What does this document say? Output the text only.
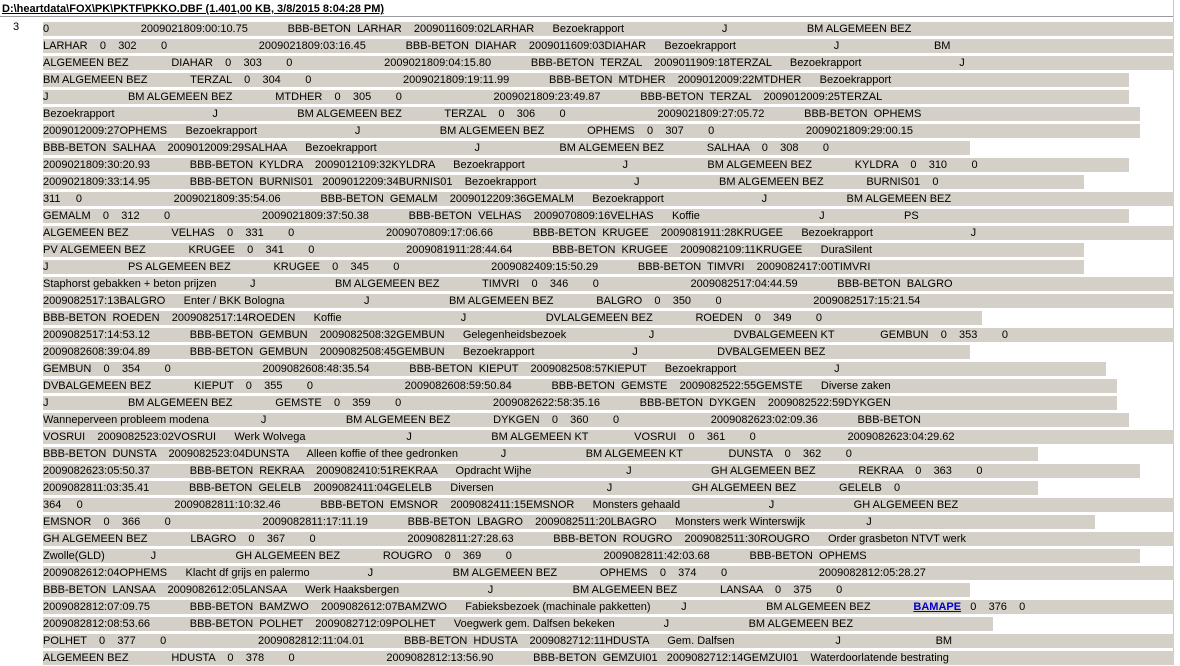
D:\heartdata\FOX\PK\PKTF\PKKO.DBF (1.401,00 KB, 3/8/2015 8:04:28 PM)
3 0                              2009021809:00:10.75             BBB-BETON  LARHAR    2009011609:02LARHAR      Bezoekrapport                                J                          BM ALGEMEEN BEZ
LARHAR    0    302        0                              2009021809:03:16.45             BBB-BETON  DIAHAR    2009011609:03DIAHAR      Bezoekrapport                                J                               BM
ALGEMEEN BEZ              DIAHAR    0    303        0                              2009021809:04:15.80             BBB-BETON  TERZAL    2009011909:18TERZAL      Bezoekrapport                                J
BM ALGEMEEN BEZ              TERZAL    0    304        0                              2009021809:19:11.99             BBB-BETON  MTDHER    2009012009:22MTDHER      Bezoekrapport
J                          BM ALGEMEEN BEZ              MTDHER    0    305        0                              2009021809:23:49.87             BBB-BETON  TERZAL    2009012009:25TERZAL
Bezoekrapport                                J                          BM ALGEMEEN BEZ              TERZAL    0    306        0                              2009021809:27:05.72             BBB-BETON  OPHEMS
2009012009:27OPHEMS      Bezoekrapport                                J                          BM ALGEMEEN BEZ              OPHEMS    0    307        0                              2009021809:29:00.15
BBB-BETON  SALHAA    2009012009:29SALHAA      Bezoekrapport                                J                          BM ALGEMEEN BEZ              SALHAA    0    308        0
2009021809:30:20.93             BBB-BETON  KYLDRA    2009012109:32KYLDRA      Bezoekrapport                                J                          BM ALGEMEEN BEZ              KYLDRA    0    310        0
2009021809:33:14.95             BBB-BETON  BURNIS01   2009012209:34BURNIS01    Bezoekrapport                                J                          BM ALGEMEEN BEZ              BURNIS01    0
311     0                              2009021809:35:54.06             BBB-BETON  GEMALM    2009012209:36GEMALM      Bezoekrapport                                J                          BM ALGEMEEN BEZ
GEMALM    0    312        0                              2009021809:37:50.38             BBB-BETON  VELHAS    2009070809:16VELHAS      Koffie                                       J                          PS
ALGEMEEN BEZ              VELHAS    0    331        0                              2009070809:17:06.66             BBB-BETON  KRUGEE    2009081911:28KRUGEE      Bezoekrapport                                J
PV ALGEMEEN BEZ              KRUGEE    0    341        0                              2009081911:28:44.64             BBB-BETON  KRUGEE    2009082109:11KRUGEE      DuraSilent
J                          PS ALGEMEEN BEZ              KRUGEE    0    345        0                              2009082409:15:50.29             BBB-BETON  TIMVRI    2009082417:00TIMVRI
Staphorst gebakken + beton prijzen           J                          BM ALGEMEEN BEZ              TIMVRI    0    346        0                              2009082517:04:44.59             BBB-BETON  BALGRO
2009082517:13BALGRO      Enter / BKK Bologna                          J                          BM ALGEMEEN BEZ              BALGRO    0    350        0                              2009082517:15:21.54
BBB-BETON  ROEDEN    2009082517:14ROEDEN      Koffie                                       J                          DVLALGEMEEN BEZ              ROEDEN    0    349        0
2009082517:14:53.12             BBB-BETON  GEMBUN    2009082508:32GEMBUN      Gelegenheidsbezoek                           J                          DVBALGEMEEN KT               GEMBUN    0    353        0
2009082608:39:04.89             BBB-BETON  GEMBUN    2009082508:45GEMBUN      Bezoekrapport                                J                          DVBALGEMEEN BEZ
GEMBUN    0    354        0                              2009082608:48:35.54             BBB-BETON  KIEPUT    2009082508:57KIEPUT      Bezoekrapport                                J
DVBALGEMEEN BEZ              KIEPUT    0    355        0                              2009082608:59:50.84             BBB-BETON  GEMSTE    2009082522:55GEMSTE      Diverse zaken
J                          BM ALGEMEEN BEZ              GEMSTE    0    359        0                              2009082622:58:35.16             BBB-BETON  DYKGEN    2009082522:59DYKGEN
Wanneperveen probleem modena                 J                          BM ALGEMEEN BEZ              DYKGEN    0    360        0                              2009082623:02:09.36             BBB-BETON
VOSRUI    2009082523:02VOSRUI      Werk Wolvega                                 J                          BM ALGEMEEN KT               VOSRUI    0    361        0                              2009082623:04:29.62
BBB-BETON  DUNSTA    2009082523:04DUNSTA      Alleen koffie of thee gedronken              J                          BM ALGEMEEN KT               DUNSTA    0    362        0
2009082623:05:50.37             BBB-BETON  REKRAA    2009082410:51REKRAA      Opdracht Wijhe                               J                          GH ALGEMEEN BEZ              REKRAA    0    363        0
2009082811:03:35.41             BBB-BETON  GELELB    2009082411:04GELELB      Diversen                                     J                          GH ALGEMEEN BEZ              GELELB    0
364     0                              2009082811:10:32.46             BBB-BETON  EMSNOR    2009082411:15EMSNOR      Monsters gehaald                             J                          GH ALGEMEEN BEZ
EMSNOR    0    366        0                              2009082811:17:11.19             BBB-BETON  LBAGRO    2009082511:20LBAGRO      Monsters werk Winterswijk                    J
GH ALGEMEEN BEZ              LBAGRO    0    367        0                              2009082811:27:28.63             BBB-BETON  ROUGRO    2009082511:30ROUGRO      Order grasbeton NTVT werk
Zwolle(GLD)               J                          GH ALGEMEEN BEZ              ROUGRO    0    369        0                              2009082811:42:03.68             BBB-BETON  OPHEMS
2009082612:04OPHEMS      Klacht df grijs en palermo                   J                          BM ALGEMEEN BEZ              OPHEMS    0    374        0                              2009082812:05:28.27
BBB-BETON  LANSAA    2009082612:05LANSAA      Werk Haaksbergen                             J                          BM ALGEMEEN BEZ              LANSAA    0    375        0
2009082812:07:09.75             BBB-BETON  BAMZWO    2009082612:07BAMZWO      Fabieksbezoek (machinale pakketten)          J                          BM ALGEMEEN BEZ              BAMAPE   0    376    0
2009082812:08:53.66             BBB-BETON  POLHET    2009082712:09POLHET      Voegwerk gem. Dalfsen bekeken                J                          BM ALGEMEEN BEZ
POLHET    0    377        0                              2009082812:11:04.01             BBB-BETON  HDUSTA    2009082712:11HDUSTA      Gem. Dalfsen                                 J                               BM
ALGEMEEN BEZ              HDUSTA    0    378        0                              2009082812:13:56.90             BBB-BETON  GEMZUI01   2009082712:14GEMZUI01    Waterdoorlatende bestrating
